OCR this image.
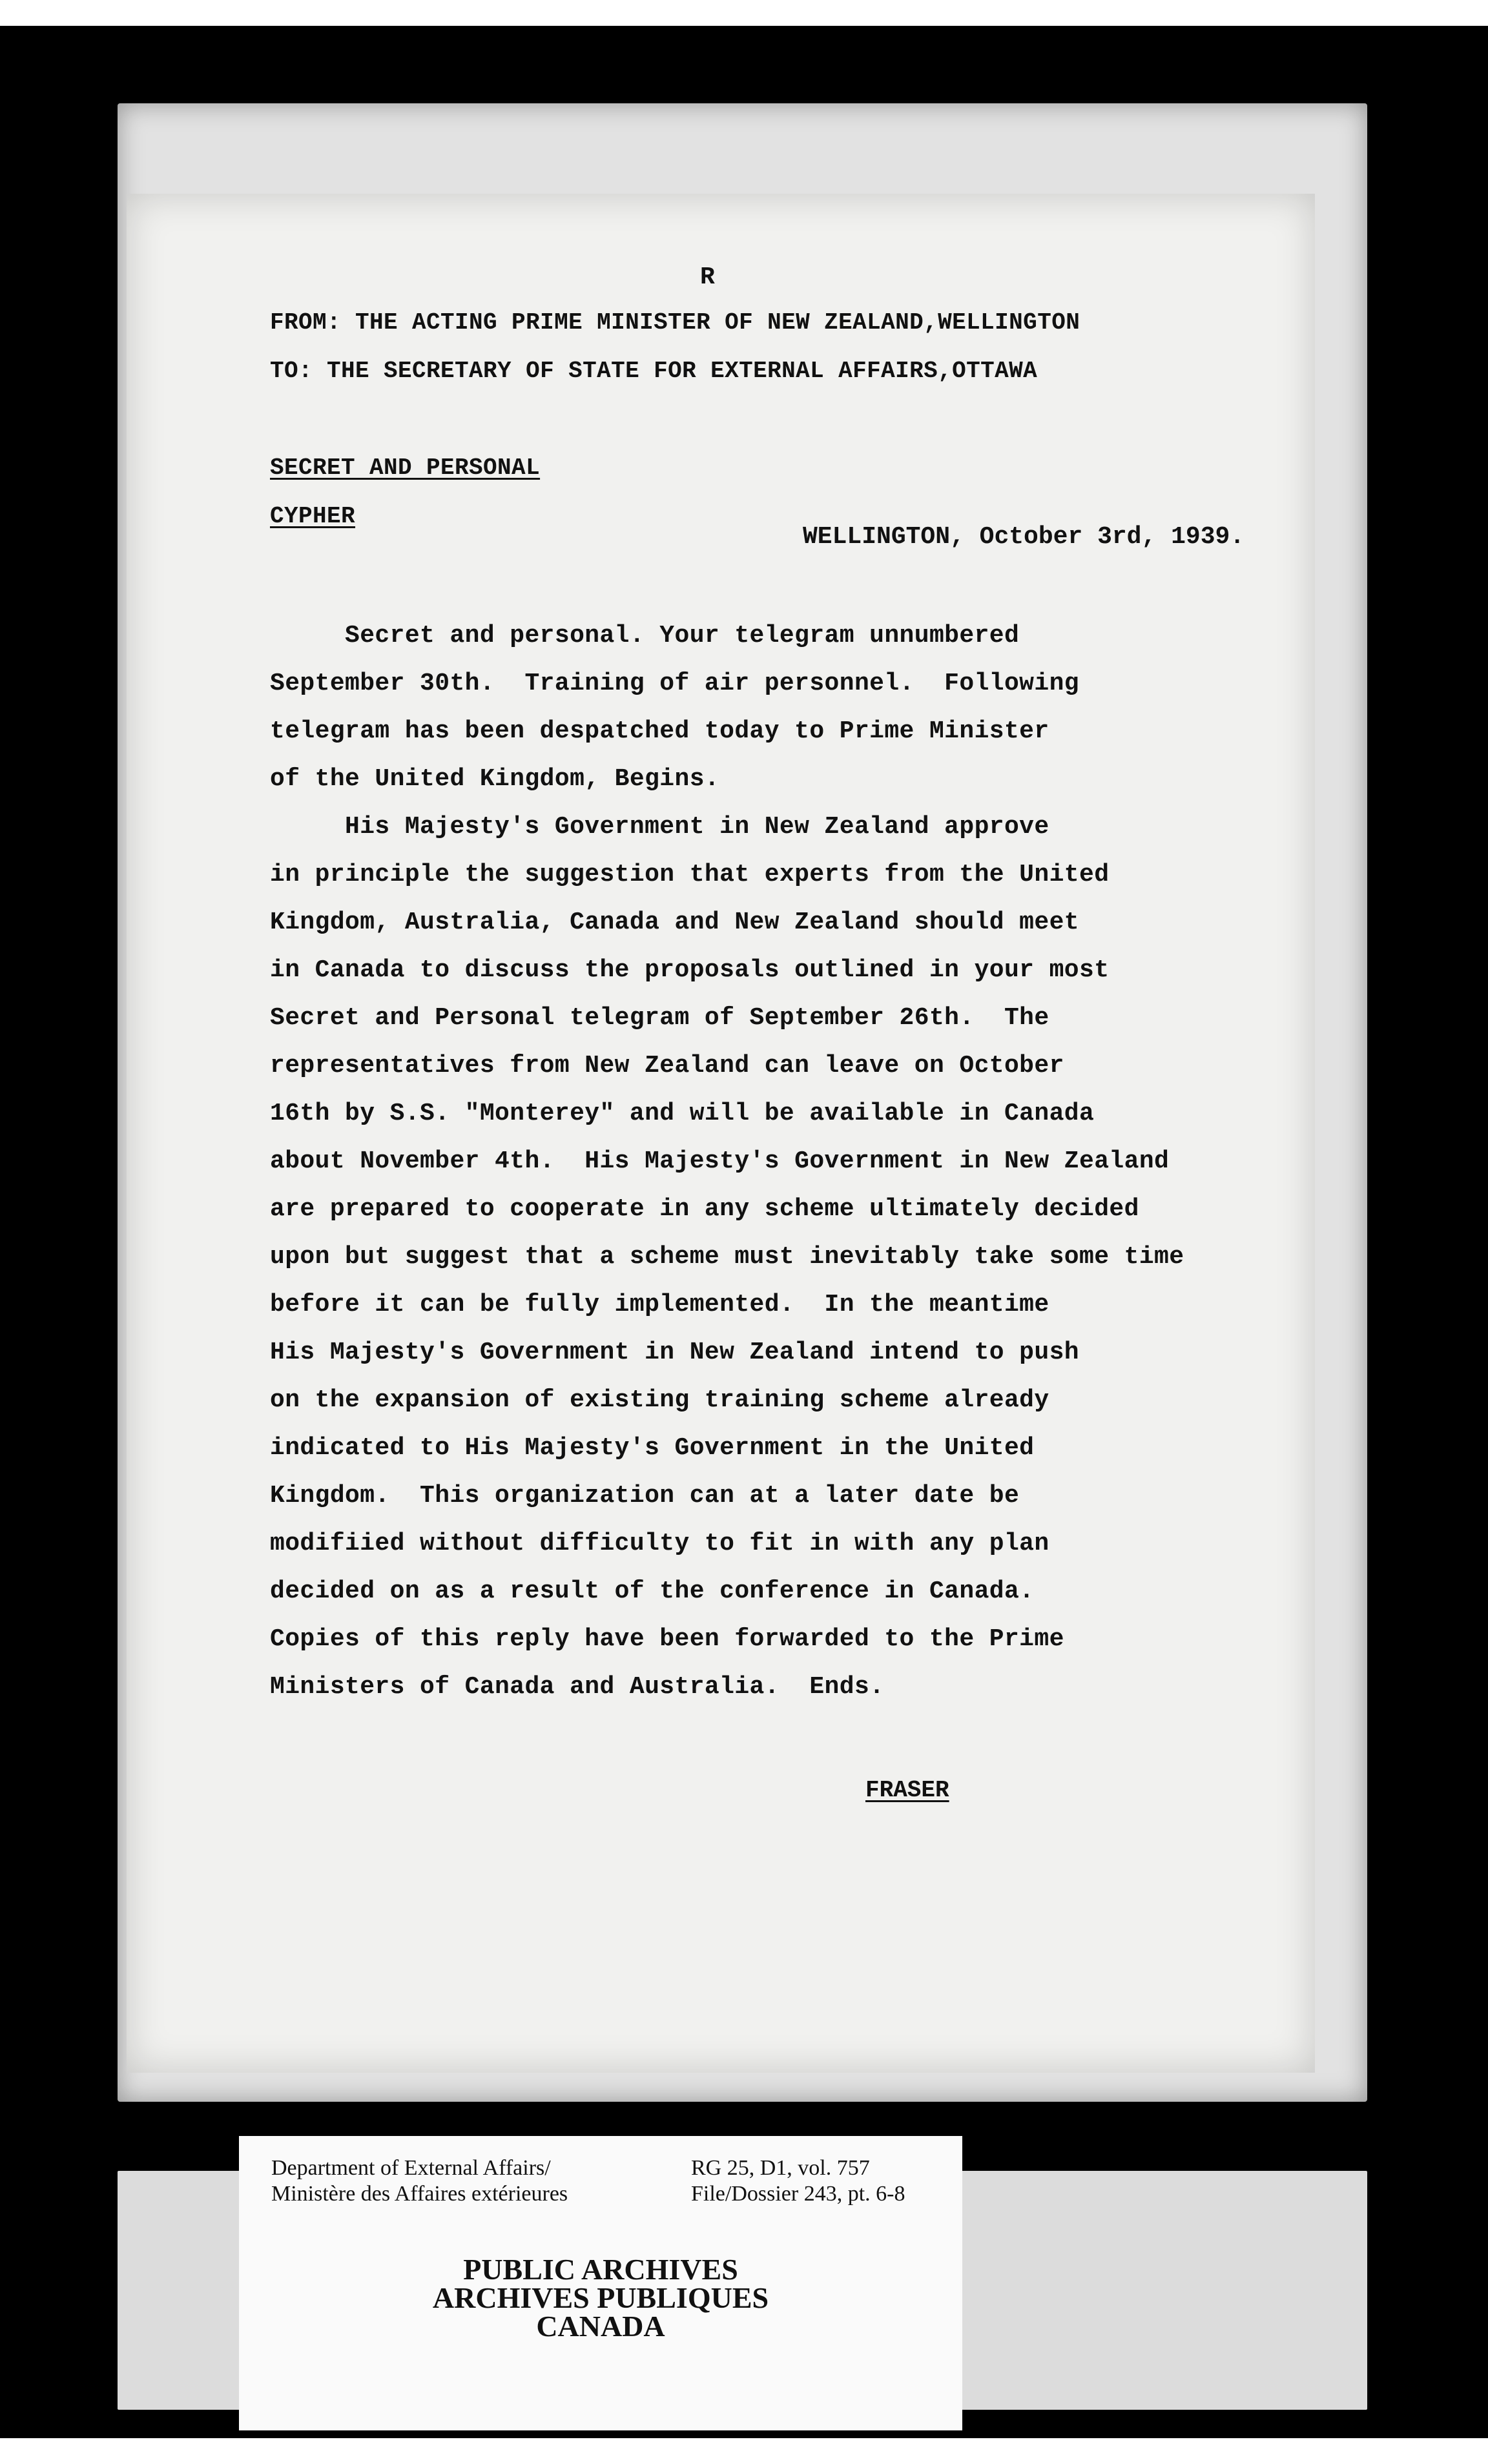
R
FROM: THE ACTING PRIME MINISTER OF NEW ZEALAND,WELLINGTON
TO: THE SECRETARY OF STATE FOR EXTERNAL AFFAIRS,OTTAWA
SECRET AND PERSONAL
CYPHER
WELLINGTON, October 3rd, 1939.
Secret and personal. Your telegram unnumbered
September 30th.  Training of air personnel.  Following
telegram has been despatched today to Prime Minister
of the United Kingdom, Begins.
His Majesty's Government in New Zealand approve
in principle the suggestion that experts from the United
Kingdom, Australia, Canada and New Zealand should meet
in Canada to discuss the proposals outlined in your most
Secret and Personal telegram of September 26th.  The
representatives from New Zealand can leave on October
16th by S.S. "Monterey" and will be available in Canada
about November 4th.  His Majesty's Government in New Zealand
are prepared to cooperate in any scheme ultimately decided
upon but suggest that a scheme must inevitably take some time
before it can be fully implemented.  In the meantime
His Majesty's Government in New Zealand intend to push
on the expansion of existing training scheme already
indicated to His Majesty's Government in the United
Kingdom.  This organization can at a later date be
modifiied without difficulty to fit in with any plan
decided on as a result of the conference in Canada.
Copies of this reply have been forwarded to the Prime
Ministers of Canada and Australia.  Ends.
FRASER
Department of External Affairs/
Ministère des Affaires extérieures
RG 25, D1, vol. 757
File/Dossier 243, pt. 6-8
PUBLIC ARCHIVES
ARCHIVES PUBLIQUES
CANADA
